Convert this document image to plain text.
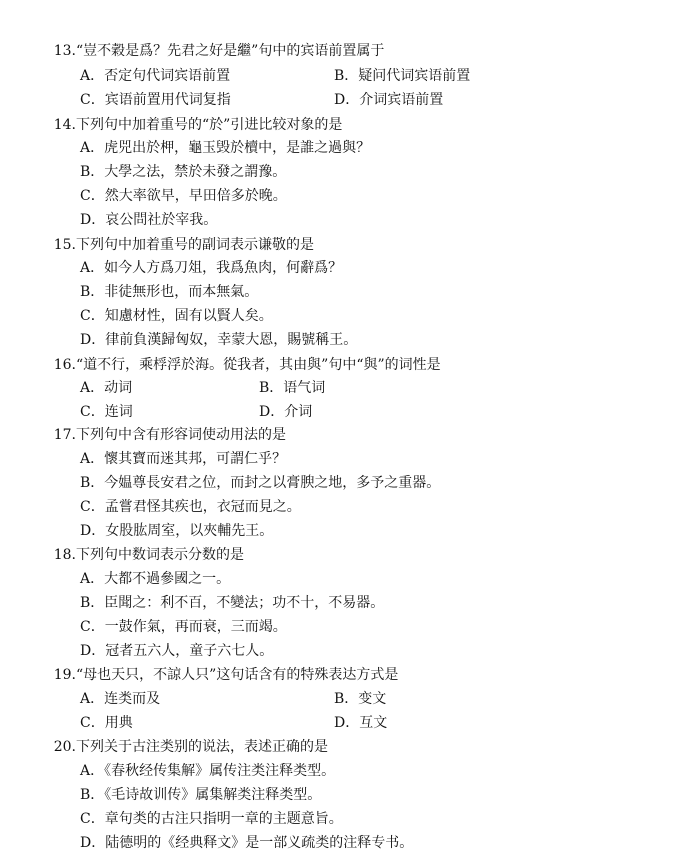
13.“豈不穀是爲？先君之好是繼”句中的宾语前置属于
A．否定句代词宾语前置	B．疑问代词宾语前置
C．宾语前置用代词复指	D．介词宾语前置
14.下列句中加着重号的“於”引进比较对象的是
A．虎兕出於柙，龜玉毁於櫝中，是誰之過與？
B．大學之法，禁於未發之謂豫。
C．然大率欲早，早田倍多於晚。
D．哀公問社於宰我。
15.下列句中加着重号的副词表示谦敬的是
A．如今人方爲刀俎，我爲魚肉，何辭爲？
B．非徒無形也，而本無氣。
C．知慮材性，固有以賢人矣。
D．律前負漢歸匈奴，幸蒙大恩，賜號稱王。
16.“道不行，乘桴浮於海。從我者，其由與”句中“與”的词性是
A．动词	B．语气词
C．连词	D．介词
17.下列句中含有形容词使动用法的是
A．懷其寶而迷其邦，可謂仁乎？
B．今媪尊長安君之位，而封之以膏腴之地，多予之重器。
C．孟嘗君怪其疾也，衣冠而見之。
D．女股肱周室，以夾輔先王。
18.下列句中数词表示分数的是
A．大都不過參國之一。
B．臣聞之：利不百，不變法；功不十，不易器。
C．一鼓作氣，再而衰，三而竭。
D．冠者五六人，童子六七人。
19.“母也天只，不諒人只”这句话含有的特殊表达方式是
A．连类而及	B．变文
C．用典	D．互文
20.下列关于古注类别的说法，表述正确的是
A．《春秋经传集解》属传注类注释类型。
B．《毛诗故训传》属集解类注释类型。
C．章句类的古注只指明一章的主题意旨。
D．陆德明的《经典释文》是一部义疏类的注释专书。
